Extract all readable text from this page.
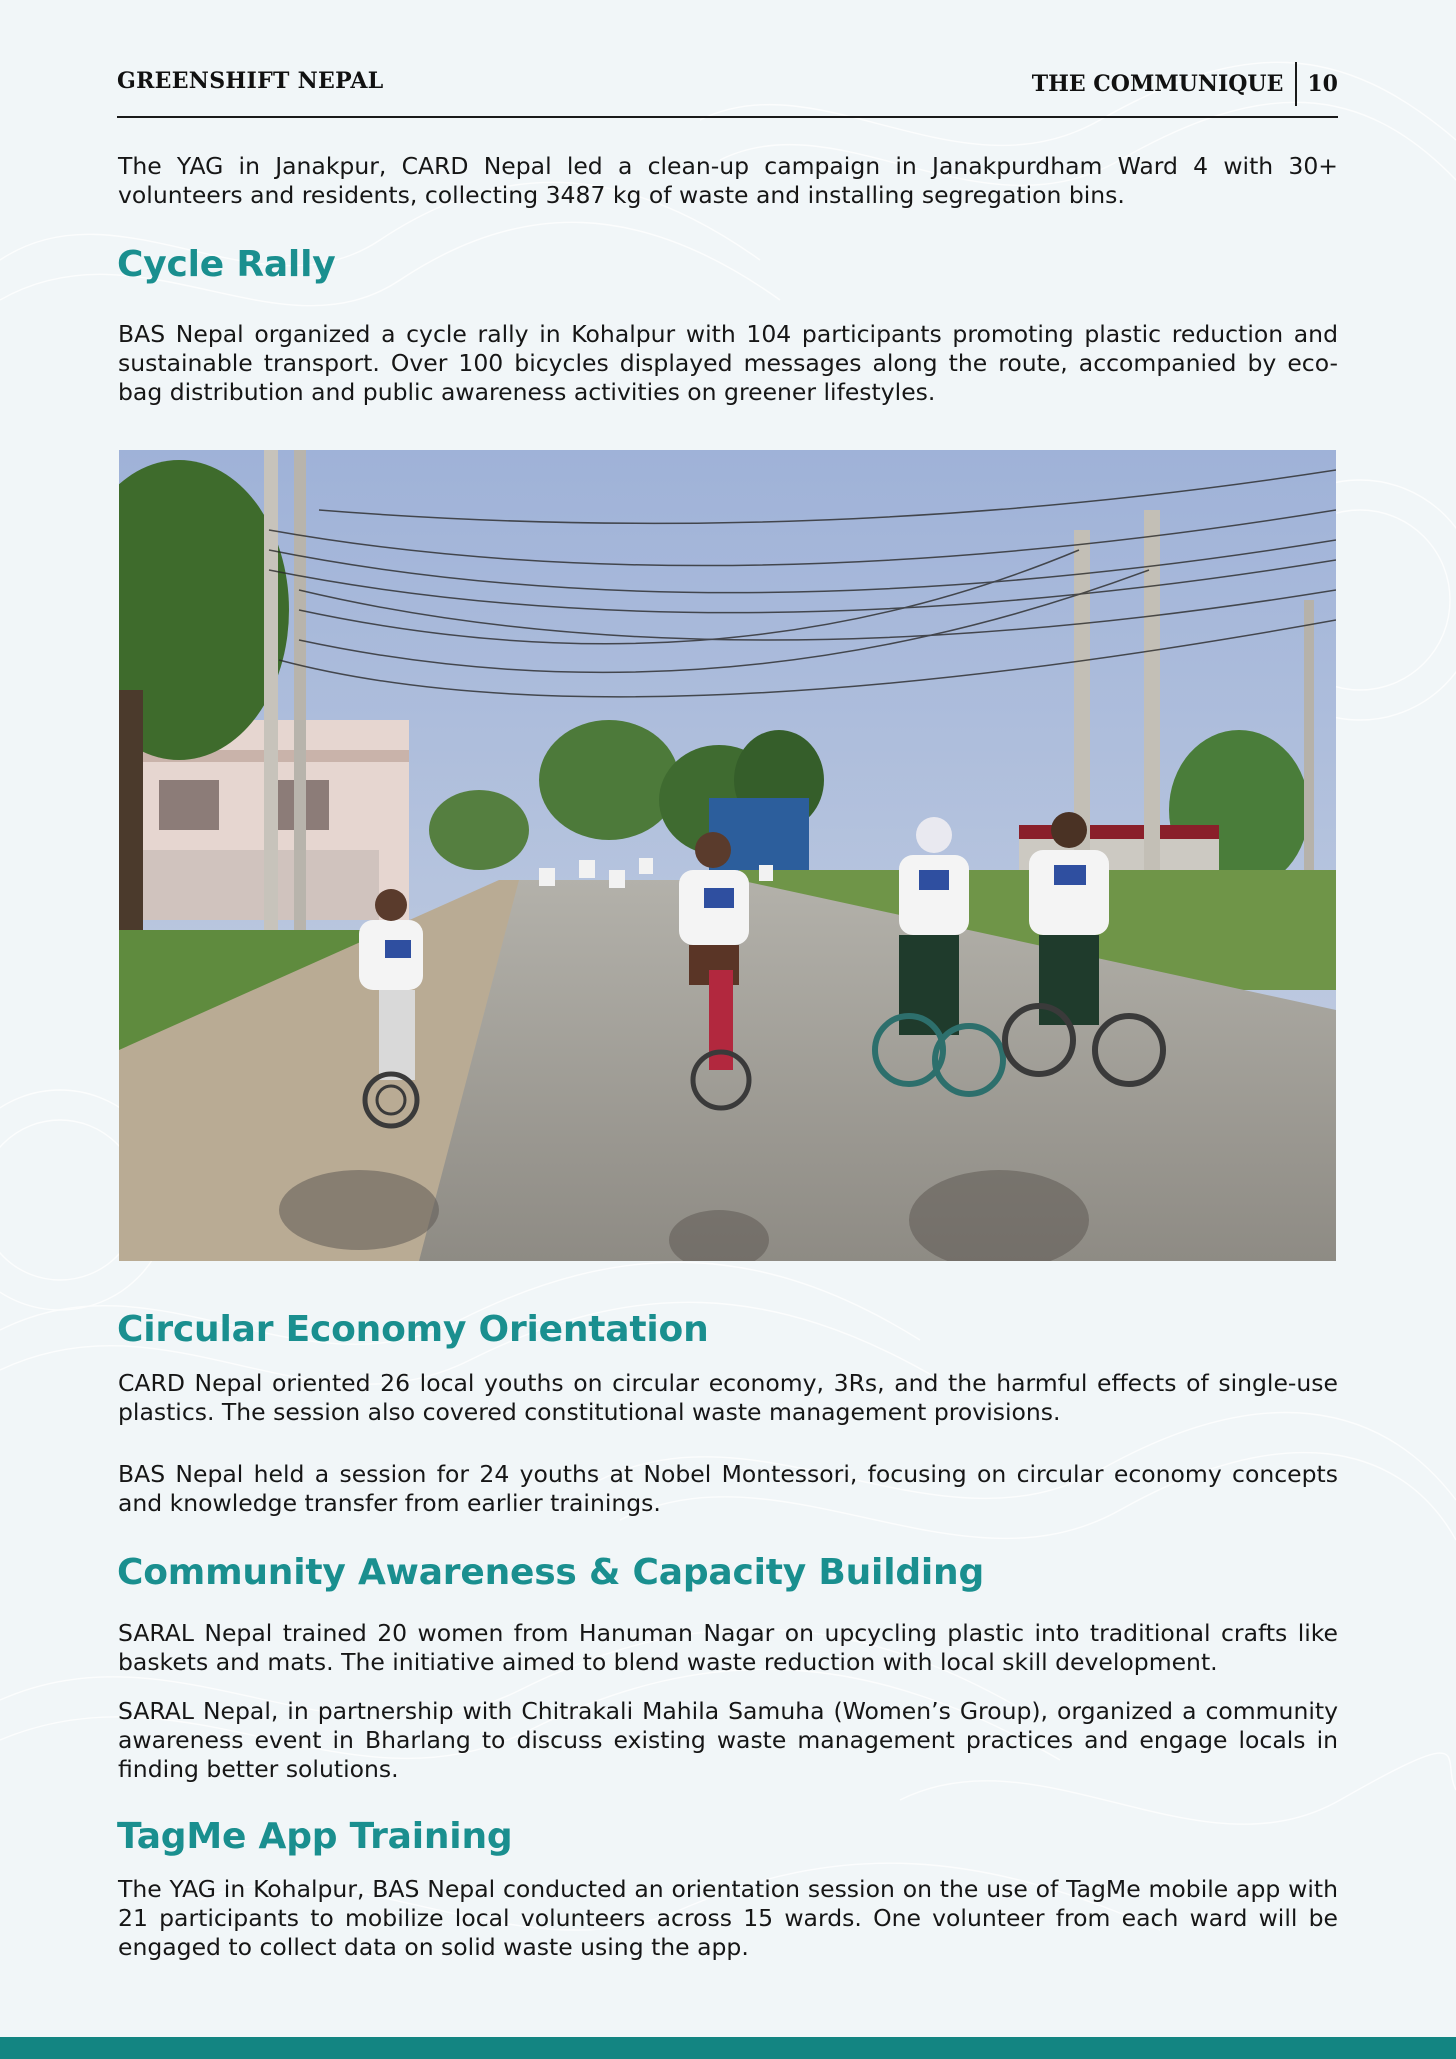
GREENSHIFT NEPAL	THE COMMUNIQUE	10

The YAG in Janakpur, CARD Nepal led a clean-up campaign in Janakpurdham Ward 4 with 30+ volunteers and residents, collecting 3487 kg of waste and installing segregation bins.

Cycle Rally

BAS Nepal organized a cycle rally in Kohalpur with 104 participants promoting plastic reduction and sustainable transport. Over 100 bicycles displayed messages along the route, accompanied by eco-bag distribution and public awareness activities on greener lifestyles.

Circular Economy Orientation

CARD Nepal oriented 26 local youths on circular economy, 3Rs, and the harmful effects of single-use plastics. The session also covered constitutional waste management provisions.

BAS Nepal held a session for 24 youths at Nobel Montessori, focusing on circular economy concepts and knowledge transfer from earlier trainings.

Community Awareness & Capacity Building

SARAL Nepal trained 20 women from Hanuman Nagar on upcycling plastic into traditional crafts like baskets and mats. The initiative aimed to blend waste reduction with local skill development.

SARAL Nepal, in partnership with Chitrakali Mahila Samuha (Women’s Group), organized a community awareness event in Bharlang to discuss existing waste management practices and engage locals in finding better solutions.

TagMe App Training

The YAG in Kohalpur, BAS Nepal conducted an orientation session on the use of TagMe mobile app with 21 participants to mobilize local volunteers across 15 wards. One volunteer from each ward will be engaged to collect data on solid waste using the app.
